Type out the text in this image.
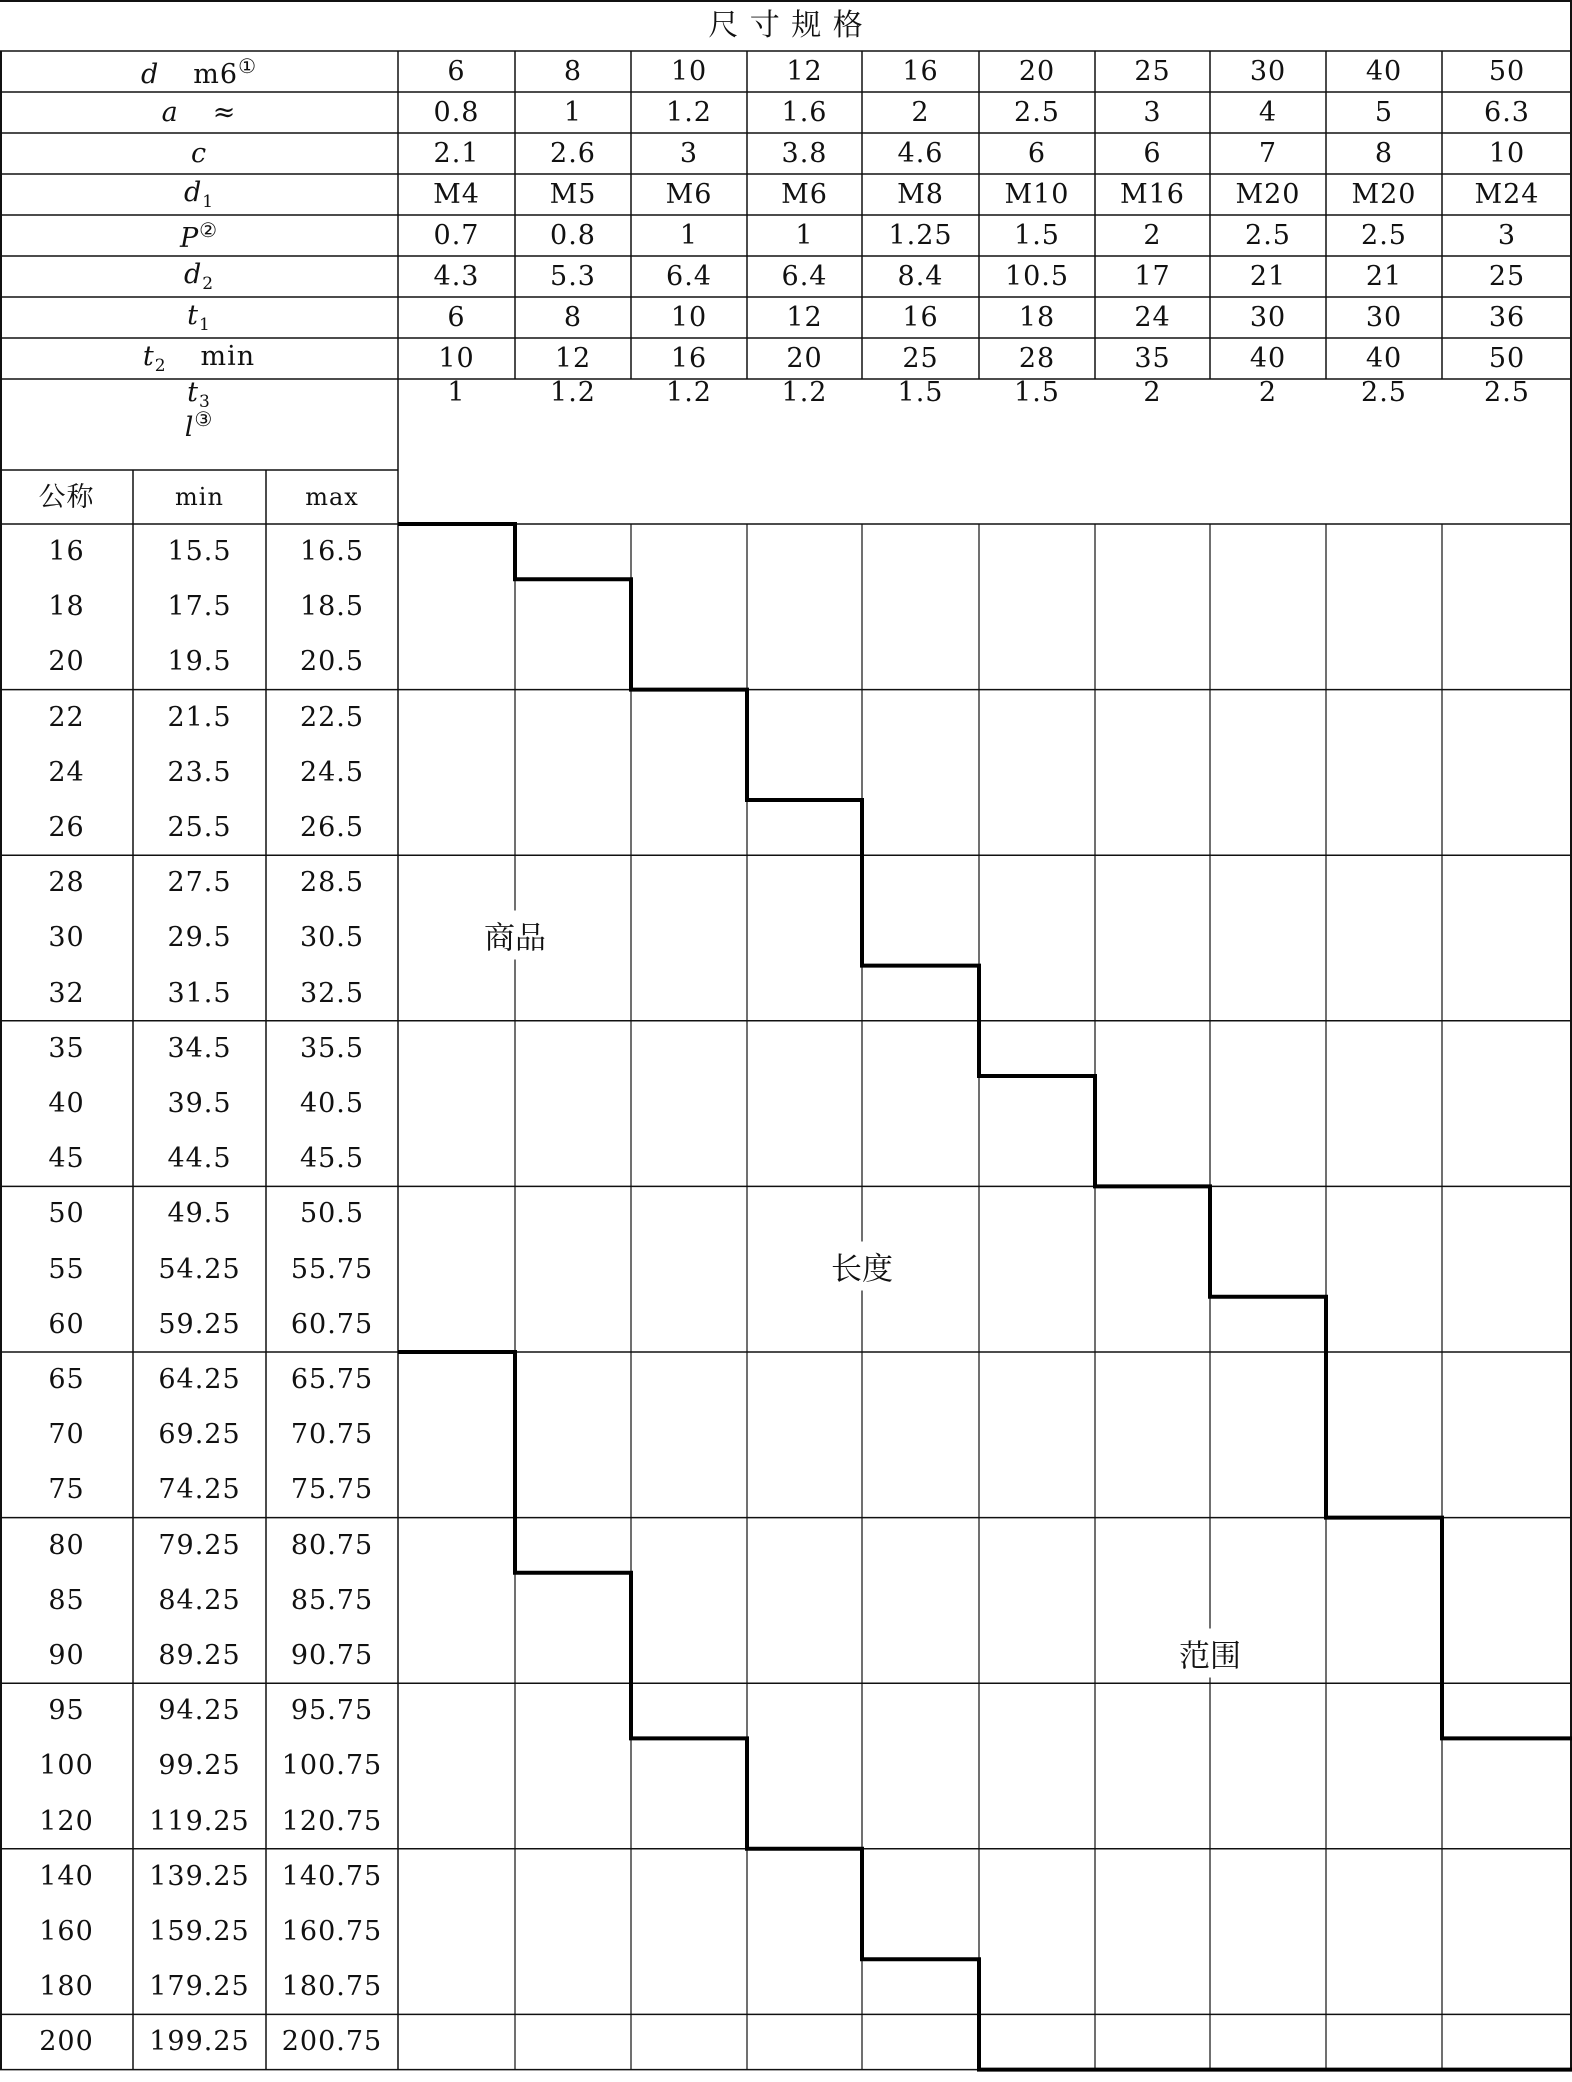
尺 寸 规 格
d m6①	6	8	10	12	16	20	25	30	40	50
a ≈	0.8	1	1.2	1.6	2	2.5	3	4	5	6.3
c	2.1	2.6	3	3.8	4.6	6	6	7	8	10
$d_1$	M4	M5	M6	M6	M8	M10	M16	M20	M20	M24
P②	0.7	0.8	1	1	1.25	1.5	2	2.5	2.5	3
$d_2$	4.3	5.3	6.4	6.4	8.4	10.5	17	21	21	25
$t_1$	6	8	10	12	16	18	24	30	30	36
$t_2$ min	10	12	16	20	25	28	35	40	40	50
$t_3$	1	1.2	1.2	1.2	1.5	1.5	2	2	2.5	2.5
l③
公称	min	max
16	15.5	16.5
18	17.5	18.5
20	19.5	20.5
22	21.5	22.5
24	23.5	24.5
26	25.5	26.5
28	27.5	28.5
30	29.5	30.5
32	31.5	32.5
35	34.5	35.5
40	39.5	40.5
45	44.5	45.5
50	49.5	50.5
55	54.25	55.75
60	59.25	60.75
65	64.25	65.75
70	69.25	70.75
75	74.25	75.75
80	79.25	80.75
85	84.25	85.75
90	89.25	90.75
95	94.25	95.75
100	99.25	100.75
120	119.25	120.75
140	139.25	140.75
160	159.25	160.75
180	179.25	180.75
200	199.25	200.75
商品
长度
范围
